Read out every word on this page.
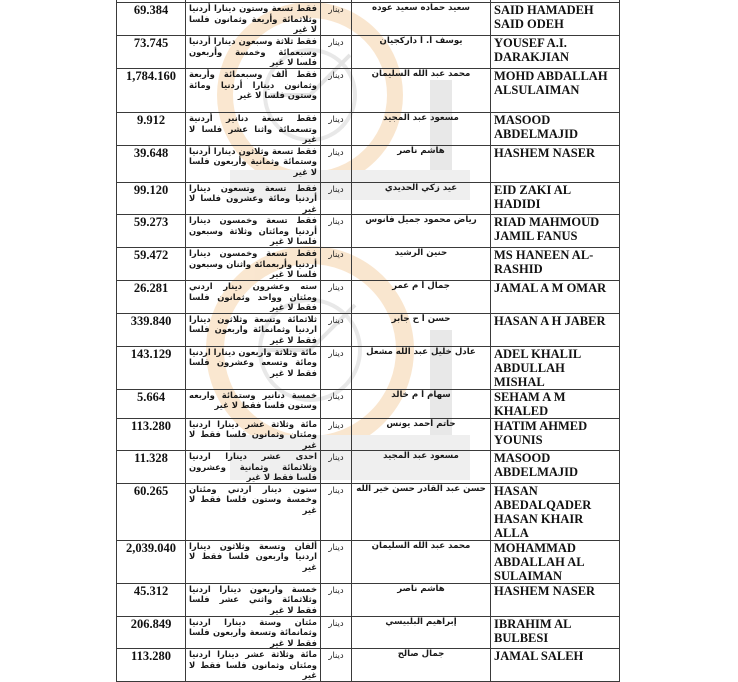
69.384	فقط تسعة وستون دينارا أردنيا وثلاثمائة وأربعة وثمانون فلسا لا غير	دينار	سعيد حماده سعيد عوده	SAID HAMADEH SAID ODEH
73.745	فقط ثلاثة وسبعون دينارا أردنيا وسبعمائة وخمسة وأربعون فلسا لا غير	دينار	يوسف أ. أ داركجيان	YOUSEF A.I. DARAKJIAN
1,784.160	فقط ألف وسبعمائة وأربعة وثمانون دينارا أردنيا ومائة وستون فلسا لا غير	دينار	محمد عبد الله السليمان	MOHD ABDALLAH ALSULAIMAN
9.912	فقط تسعة دنانير أردنية وتسعمائة واثنا عشر فلسا لا غير	دينار	مسعود عبد المجيد	MASOOD ABDELMAJID
39.648	فقط تسعة وثلاثون دينارا أردنيا وستمائة وثمانية وأربعون فلسا لا غير	دينار	هاشم ناصر	HASHEM NASER
99.120	فقط تسعة وتسعون دينارا أردنيا ومائة وعشرون فلسا لا غير	دينار	عيد زكي الحديدي	EID ZAKI AL HADIDI
59.273	فقط تسعة وخمسون دينارا أردنيا ومائتان وثلاثة وسبعون فلسا لا غير	دينار	رياض محمود جميل فانوس	RIAD MAHMOUD JAMIL FANUS
59.472	فقط تسعة وخمسون دينارا أردنيا وأربعمائة واثنان وسبعون فلسا لا غير	دينار	حنين الرشيد	MS HANEEN AL-RASHID
26.281	سته وعشرون دينار اردني ومئتان وواحد وثمانون فلسا فقط لا غير	دينار	جمال أ م عمر	JAMAL A M OMAR
339.840	ثلاثمائة وتسعة وثلاثون دينارا اردنيا وثمانمائة واربعون فلسا فقط لا غير	دينار	حسن أ ح جابر	HASAN A H JABER
143.129	مائة وثلاثة واربعون دينارا اردنيا ومائة وتسعه وعشرون فلسا فقط لا غير	دينار	عادل خليل عبد الله مشعل	ADEL KHALIL ABDULLAH MISHAL
5.664	خمسة دنانير وستمائة واربعه وستون فلسا فقط لا غير	دينار	سهام أ م خالد	SEHAM A M KHALED
113.280	مائة وثلاثة عشر دينارا اردنيا ومئتان وثمانون فلسا فقط لا غير	دينار	حاتم أحمد يونس	HATIM AHMED YOUNIS
11.328	احدى عشر دينارا اردنيا وثلاثمائة وثمانية وعشرون فلسا فقط لا غير	دينار	مسعود عبد المجيد	MASOOD ABDELMAJID
60.265	ستون دينار اردني ومئتان وخمسة وستون فلسا فقط لا غير	دينار	حسن عبد القادر حسن خير الله	HASAN ABEDALQADER HASAN KHAIR ALLA
2,039.040	ألفان وتسعة وثلاثون دينارا اردنيا واربعون فلسا فقط لا غير	دينار	محمد عبد الله السليمان	MOHAMMAD ABDALLAH AL SULAIMAN
45.312	خمسة واربعون دينارا اردنيا وثلاثمائة واثني عشر فلسا فقط لا غير	دينار	هاشم ناصر	HASHEM NASER
206.849	مئتان وستة دينارا اردنيا وثمانمائة وتسعة واربعون فلسا فقط لا غير	دينار	إبراهيم البلبيسي	IBRAHIM AL BULBESI
113.280	مائة وثلاثة عشر دينارا اردنيا ومئتان وثمانون فلسا فقط لا غير	دينار	جمال صالح	JAMAL SALEH
